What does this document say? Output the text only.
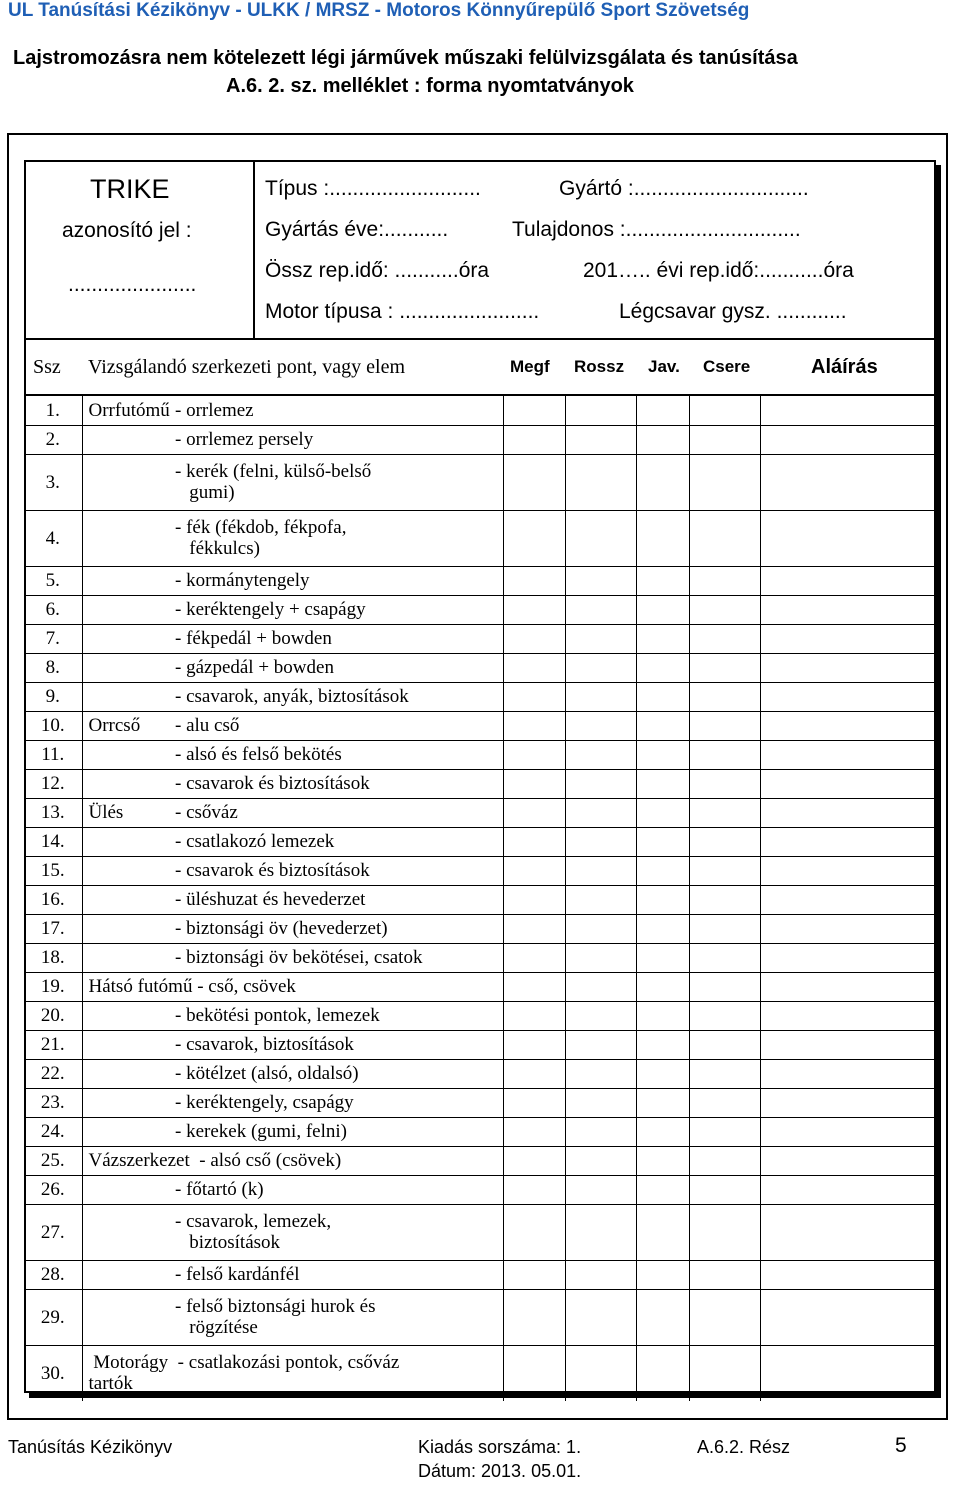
UL Tanúsítási Kézikönyv - ULKK / MRSZ - Motoros Könnyűrepülő Sport Szövetség
Lajstromozásra nem kötelezett légi járművek műszaki felülvizsgálata és tanúsítása
A.6. 2. sz. melléklet : forma nyomtatványok
TRIKE
azonosító jel :
......................
Típus :..........................	Gyártó :..............................
Gyártás éve:...........	Tulajdonos :..............................
Össz rep.idő: ...........óra	201….. évi rep.idő:...........óra
Motor típusa : ........................	Légcsavar gysz. ............
Ssz Vizsgálandó szerkezeti pont, vagy elem	Megf Rossz Jav. Csere	Aláírás
1.	Orrfutómű	- orrlemez					

2.		- orrlemez persely					

3.		- kerék (felni, külső-belső
gumi)					

4.		- fék (fékdob, fékpofa,
fékkulcs)					

5.		- kormánytengely					

6.		- keréktengely + csapágy					

7.		- fékpedál + bowden					

8.		- gázpedál + bowden					

9.		- csavarok, anyák, biztosítások					

10.	Orrcső	- alu cső					

11.		- alsó és felső bekötés					

12.		- csavarok és biztosítások					

13.	Ülés	- csőváz					

14.		- csatlakozó lemezek					

15.		- csavarok és biztosítások					

16.		- üléshuzat és hevederzet					

17.		- biztonsági öv (hevederzet)					

18.		- biztonsági öv bekötései, csatok					

19.	Hátsó futómű - cső, csövek						

20.		- bekötési pontok, lemezek					

21.		- csavarok, biztosítások					

22.		- kötélzet (alsó, oldalsó)					

23.		- keréktengely, csapágy					

24.		- kerekek (gumi, felni)					

25.	Vázszerkezet  - alsó cső (csövek)						

26.		- főtartó (k)					

27.		- csavarok, lemezek,
biztosítások					

28.		- felső kardánfél					

29.		- felső biztonsági hurok és
rögzítése					

30.	Motorágy  - csatlakozási pontok, csőváz
tartók						

Tanúsítás Kézikönyv	Kiadás sorszáma: 1.
Dátum: 2013. 05.01.
A.6.2. Rész	5
